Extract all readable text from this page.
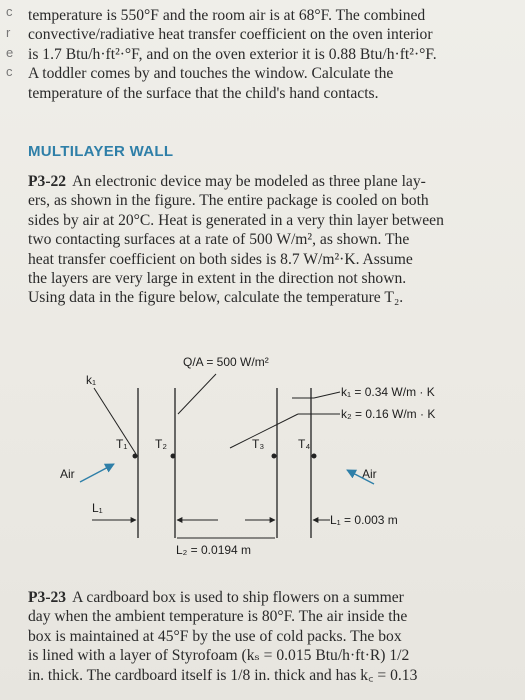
c
r
e
c

temperature is 550°F and the room air is at 68°F. The combined
convective/radiative heat transfer coefficient on the oven interior
is 1.7 Btu/h·ft²·°F, and on the oven exterior it is 0.88 Btu/h·ft²·°F.
A toddler comes by and touches the window. Calculate the
temperature of the surface that the child's hand contacts.

MULTILAYER WALL

P3-22 An electronic device may be modeled as three plane lay-
ers, as shown in the figure. The entire package is cooled on both
sides by air at 20°C. Heat is generated in a very thin layer between
two contacting surfaces at a rate of 500 W/m², as shown. The
heat transfer coefficient on both sides is 8.7 W/m²·K. Assume
the layers are very large in extent in the direction not shown.
Using data in the figure below, calculate the temperature T₂.

Q/A = 500 W/m²
k₁
k₁ = 0.34 W/m · K
k₂ = 0.16 W/m · K
T₁ T₂	T₃	T₄
Air	Air
L₁
L₁ = 0.003 m
L₂ = 0.0194 m

P3-23 A cardboard box is used to ship flowers on a summer
day when the ambient temperature is 80°F. The air inside the
box is maintained at 45°F by the use of cold packs. The box
is lined with a layer of Styrofoam (kₛ = 0.015 Btu/h·ft·R) 1/2
in. thick. The cardboard itself is 1/8 in. thick and has k꜀ = 0.13
